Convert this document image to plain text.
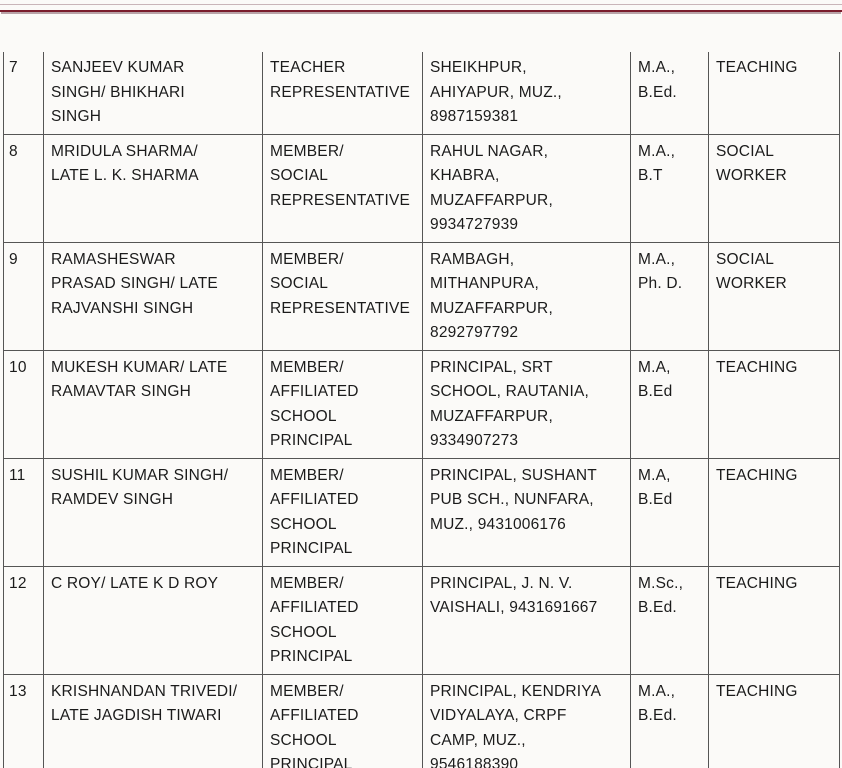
7	SANJEEV KUMAR
SINGH/ BHIKHARI
SINGH	TEACHER
REPRESENTATIVE	SHEIKHPUR,
AHIYAPUR, MUZ.,
8987159381	M.A.,
B.Ed.	TEACHING

8	MRIDULA SHARMA/
LATE L. K. SHARMA	MEMBER/
SOCIAL
REPRESENTATIVE	RAHUL NAGAR,
KHABRA,
MUZAFFARPUR,
9934727939	M.A.,
B.T	SOCIAL
WORKER

9	RAMASHESWAR
PRASAD SINGH/ LATE
RAJVANSHI SINGH	MEMBER/
SOCIAL
REPRESENTATIVE	RAMBAGH,
MITHANPURA,
MUZAFFARPUR,
8292797792	M.A.,
Ph. D.	SOCIAL
WORKER

10	MUKESH KUMAR/ LATE
RAMAVTAR SINGH	MEMBER/
AFFILIATED
SCHOOL
PRINCIPAL	PRINCIPAL, SRT
SCHOOL, RAUTANIA,
MUZAFFARPUR,
9334907273	M.A,
B.Ed	TEACHING

11	SUSHIL KUMAR SINGH/
RAMDEV SINGH	MEMBER/
AFFILIATED
SCHOOL
PRINCIPAL	PRINCIPAL, SUSHANT
PUB SCH., NUNFARA,
MUZ., 9431006176	M.A,
B.Ed	TEACHING

12	C ROY/ LATE K D ROY	MEMBER/
AFFILIATED
SCHOOL
PRINCIPAL	PRINCIPAL, J. N. V.
VAISHALI, 9431691667	M.Sc.,
B.Ed.	TEACHING

13	KRISHNANDAN TRIVEDI/
LATE JAGDISH TIWARI	MEMBER/
AFFILIATED
SCHOOL
PRINCIPAL	PRINCIPAL, KENDRIYA
VIDYALAYA, CRPF
CAMP, MUZ.,
9546188390	M.A.,
B.Ed.	TEACHING
